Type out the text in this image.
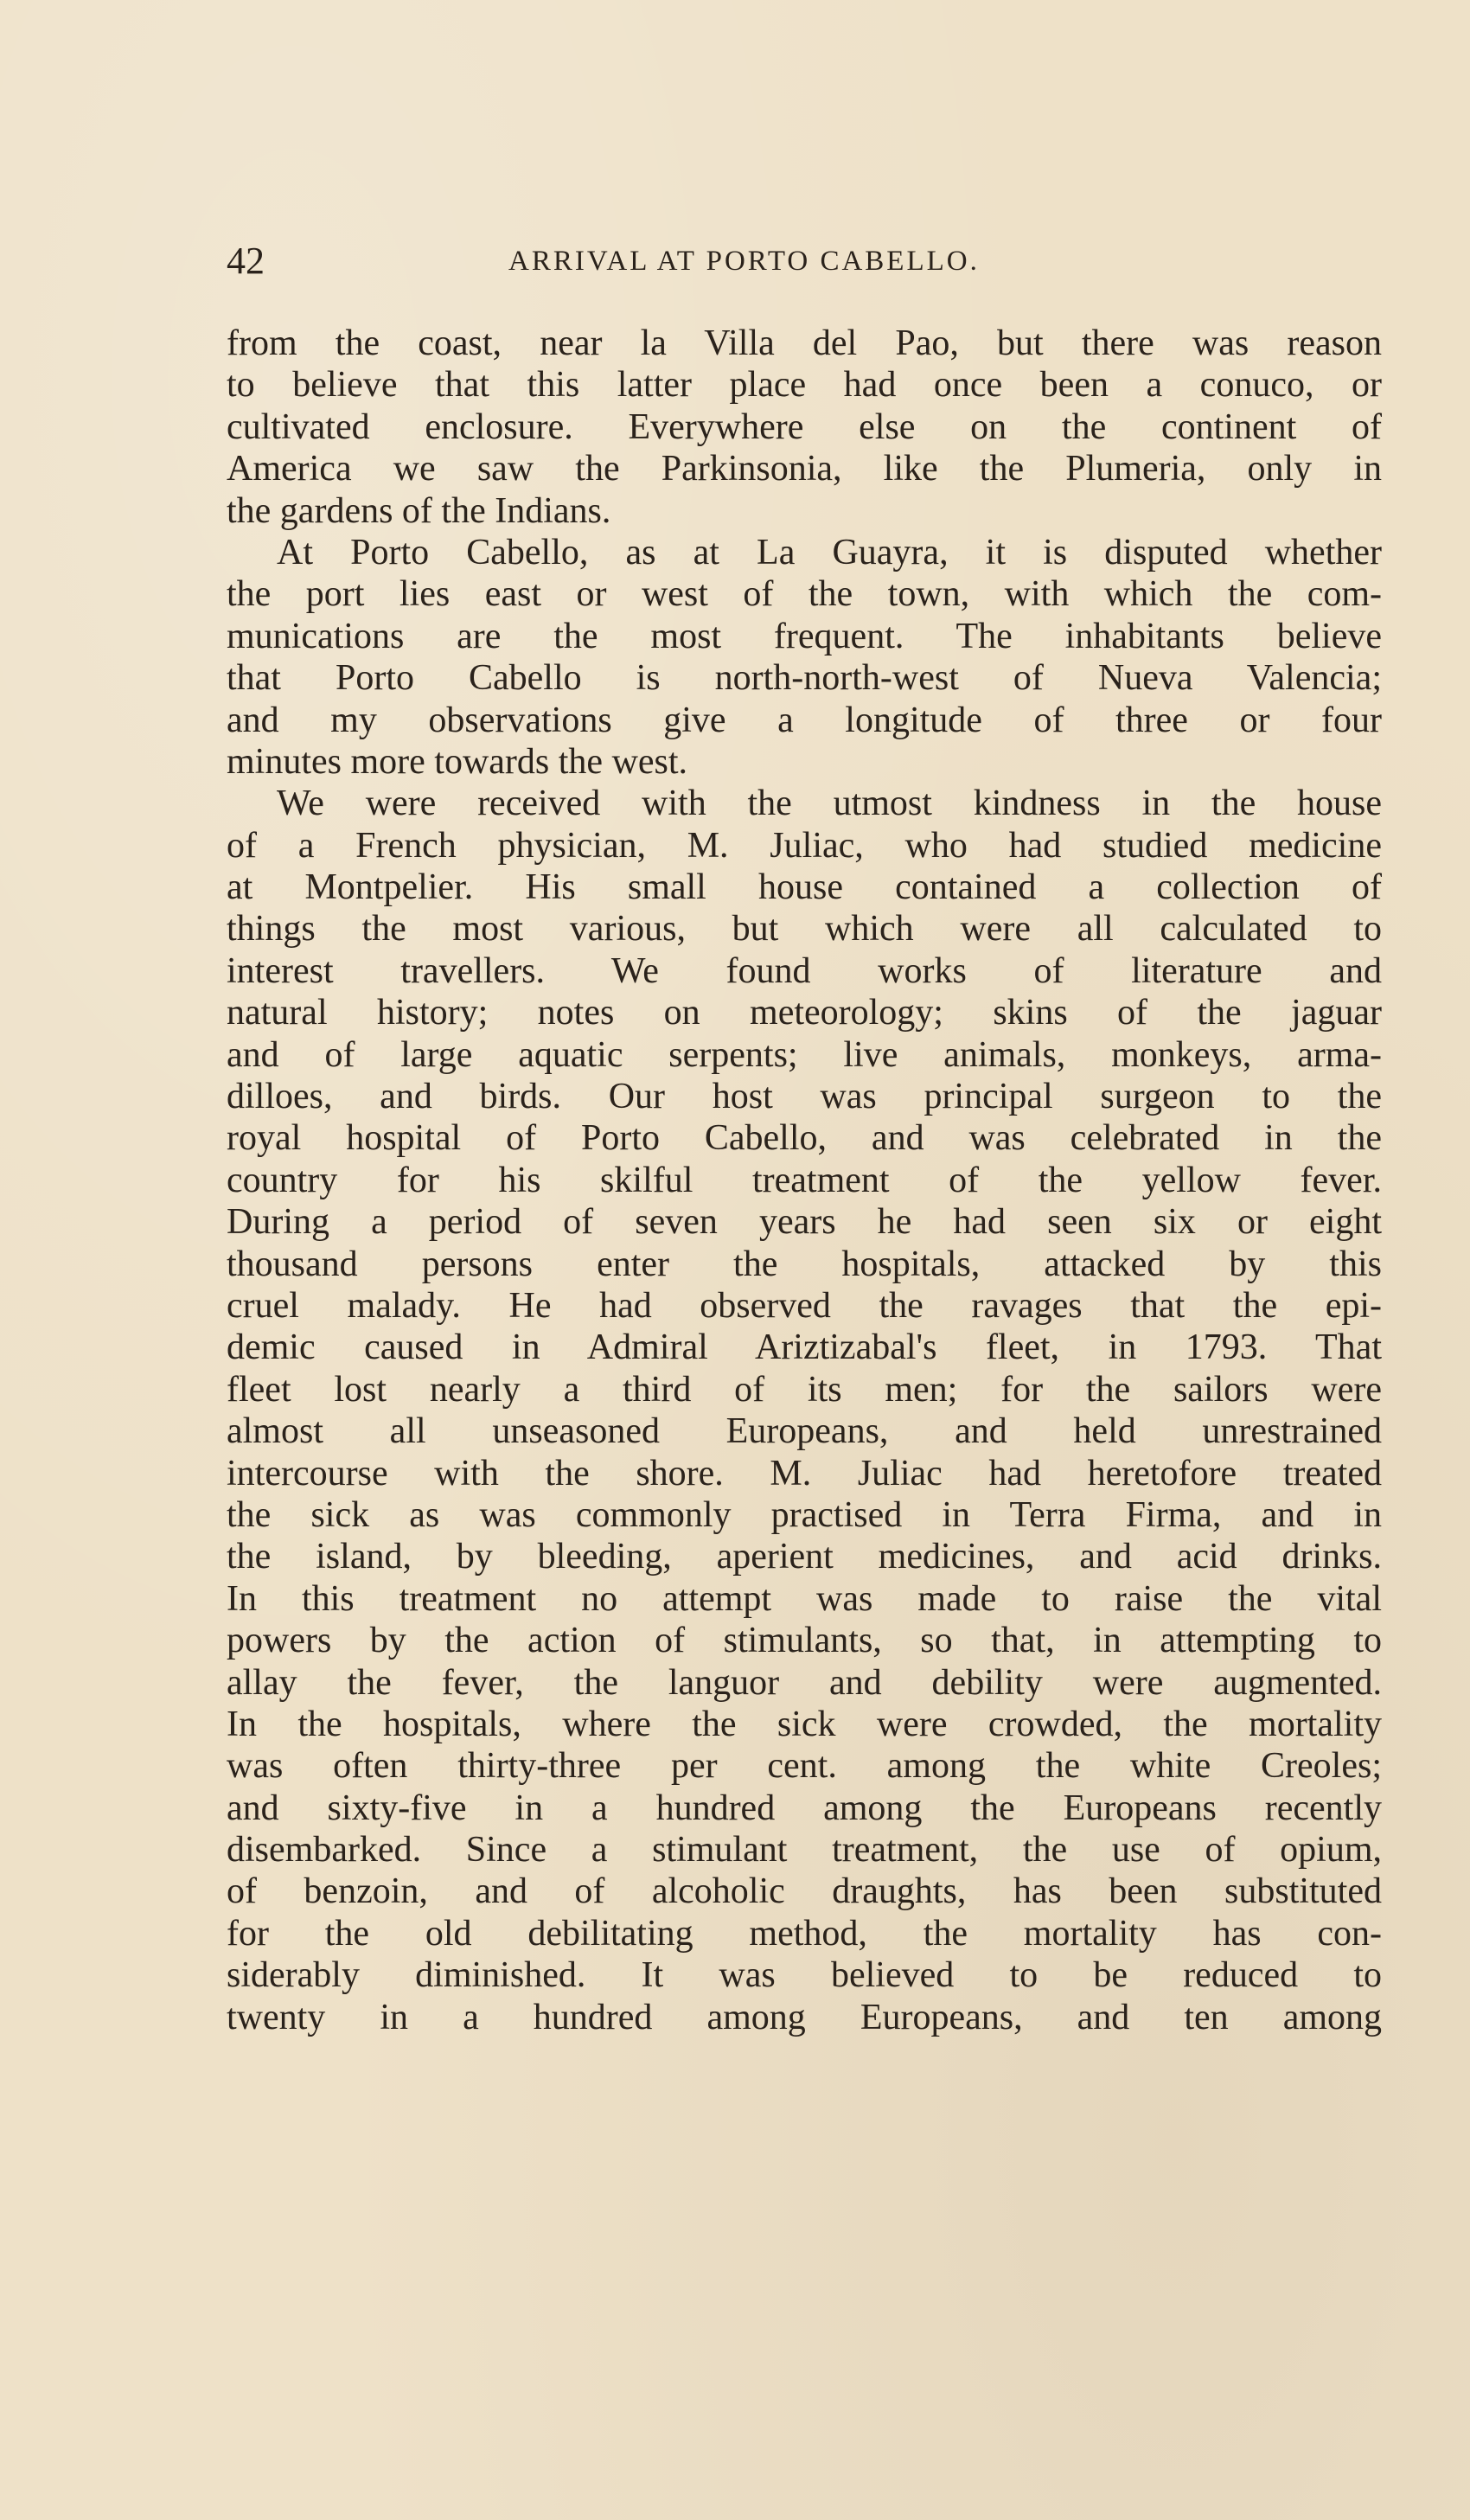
42	ARRIVAL AT PORTO CABELLO.
from the coast, near la Villa del Pao, but there was reason
to believe that this latter place had once been a conuco, or
cultivated enclosure. Everywhere else on the continent of
America we saw the Parkinsonia, like the Plumeria, only in
the gardens of the Indians.
At Porto Cabello, as at La Guayra, it is disputed whether
the port lies east or west of the town, with which the com-
munications are the most frequent. The inhabitants believe
that Porto Cabello is north-north-west of Nueva Valencia;
and my observations give a longitude of three or four
minutes more towards the west.
We were received with the utmost kindness in the house
of a French physician, M. Juliac, who had studied medicine
at Montpelier. His small house contained a collection of
things the most various, but which were all calculated to
interest travellers. We found works of literature and
natural history; notes on meteorology; skins of the jaguar
and of large aquatic serpents; live animals, monkeys, arma-
dilloes, and birds. Our host was principal surgeon to the
royal hospital of Porto Cabello, and was celebrated in the
country for his skilful treatment of the yellow fever.
During a period of seven years he had seen six or eight
thousand persons enter the hospitals, attacked by this
cruel malady. He had observed the ravages that the epi-
demic caused in Admiral Ariztizabal's fleet, in 1793. That
fleet lost nearly a third of its men; for the sailors were
almost all unseasoned Europeans, and held unrestrained
intercourse with the shore. M. Juliac had heretofore treated
the sick as was commonly practised in Terra Firma, and in
the island, by bleeding, aperient medicines, and acid drinks.
In this treatment no attempt was made to raise the vital
powers by the action of stimulants, so that, in attempting to
allay the fever, the languor and debility were augmented.
In the hospitals, where the sick were crowded, the mortality
was often thirty-three per cent. among the white Creoles;
and sixty-five in a hundred among the Europeans recently
disembarked. Since a stimulant treatment, the use of opium,
of benzoin, and of alcoholic draughts, has been substituted
for the old debilitating method, the mortality has con-
siderably diminished. It was believed to be reduced to
twenty in a hundred among Europeans, and ten among
